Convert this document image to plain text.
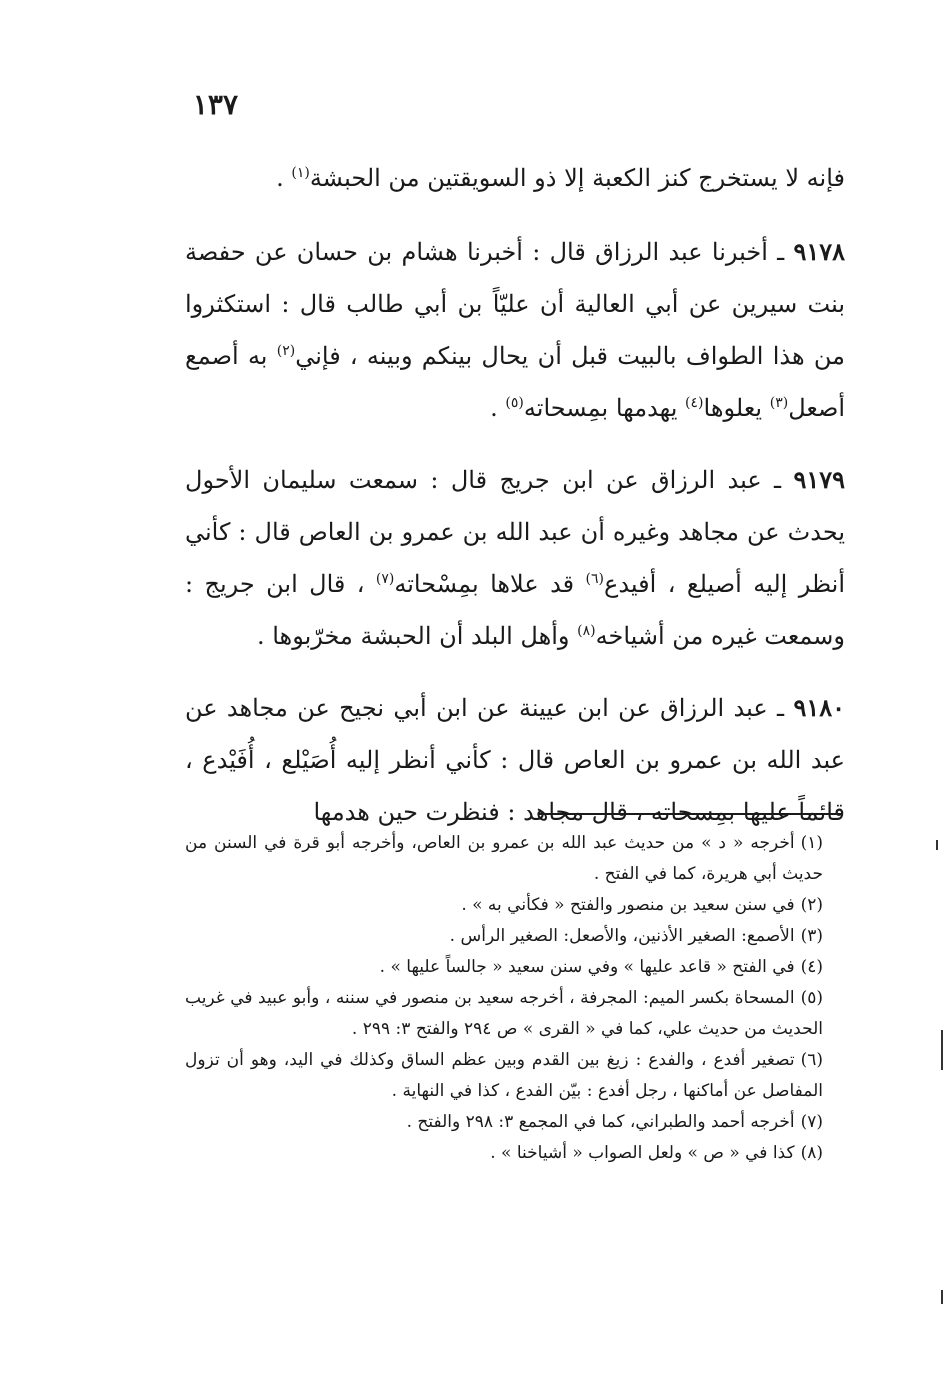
١٣٧

فإنه لا يستخرج كنز الكعبة إلا ذو السويقتين من الحبشة$^{(١)}$ .

٩١٧٨ ـ أخبرنا عبد الرزاق قال : أخبرنا هشام بن حسان عن حفصة بنت سيرين عن أبي العالية أن عليّاً بن أبي طالب قال : استكثروا من هذا الطواف بالبيت قبل أن يحال بينكم وبينه ، فإني$^{(٢)}$ به أصمع أصعل$^{(٣)}$ يعلوها$^{(٤)}$ يهدمها بمِسحاته$^{(٥)}$ .

٩١٧٩ ـ عبد الرزاق عن ابن جريج قال : سمعت سليمان الأحول يحدث عن مجاهد وغيره أن عبد الله بن عمرو بن العاص قال : كأني أنظر إليه أصيلع ، أفيدع$^{(٦)}$ قد علاها بمِسْحاته$^{(٧)}$ ، قال ابن جريج : وسمعت غيره من أشياخه$^{(٨)}$ وأهل البلد أن الحبشة مخرّبوها .

٩١٨٠ ـ عبد الرزاق عن ابن عيينة عن ابن أبي نجيح عن مجاهد عن عبد الله بن عمرو بن العاص قال : كأني أنظر إليه أُصَيْلع ، أُفَيْدع ، قائماً عليها بمِسحاته ، قال مجاهد : فنظرت حين هدمها

(١)أخرجه « د » من حديث عبد الله بن عمرو بن العاص، وأخرجه أبو قرة في السنن من حديث أبي هريرة، كما في الفتح .

(٢)في سنن سعيد بن منصور والفتح « فكأني به » .

(٣)الأصمع: الصغير الأذنين، والأصعل: الصغير الرأس .

(٤)في الفتح « قاعد عليها » وفي سنن سعيد « جالساً عليها » .

(٥)المسحاة بكسر الميم: المجرفة ، أخرجه سعيد بن منصور في سننه ، وأبو عبيد في غريب الحديث من حديث علي، كما في « القرى » ص ٢٩٤ والفتح ٣: ٢٩٩ .

(٦)تصغير أفدع ، والفدع : زيغ بين القدم وبين عظم الساق وكذلك في اليد، وهو أن تزول المفاصل عن أماكنها ، رجل أفدع : بيّن الفدع ، كذا في النهاية .

(٧)أخرجه أحمد والطبراني، كما في المجمع ٣: ٢٩٨ والفتح .

(٨)كذا في « ص » ولعل الصواب « أشياخنا » .
